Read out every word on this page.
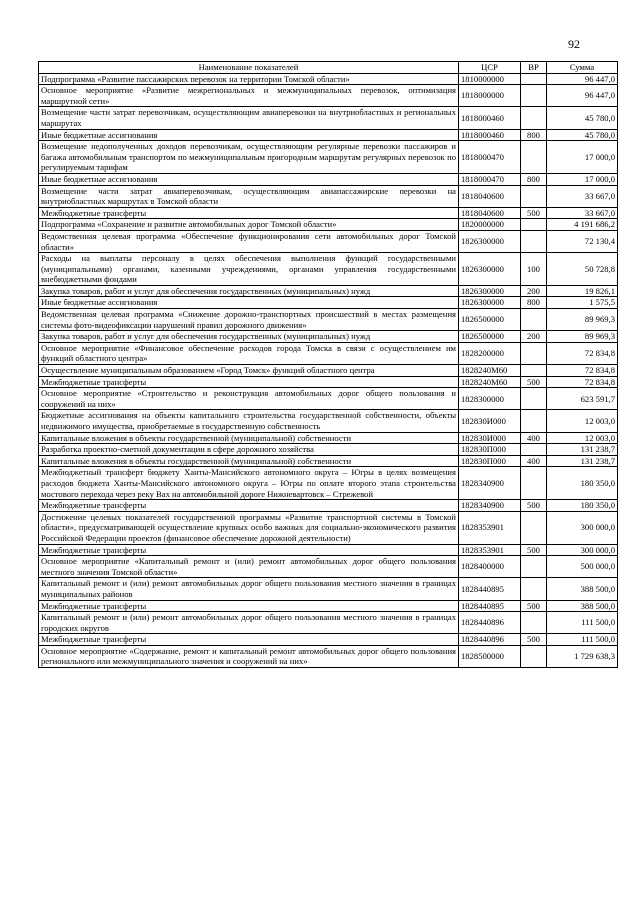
92
Наименование показателей	ЦСР	ВР	Сумма
Подпрограмма «Развитие пассажирских перевозок на территории Томской области»	1810000000		96 447,0
Основное мероприятие «Развитие межрегиональных и межмуниципальных перевозок, оптимизация маршрутной сети»	1818000000		96 447,0
Возмещение части затрат перевозчикам, осуществляющим авиаперевозки на внутриобластных и региональных маршрутах	1818000460		45 780,0
Иные бюджетные ассигнования	1818000460	800	45 780,0
Возмещение недополученных доходов перевозчикам, осуществляющим регулярные перевозки пассажиров и багажа автомобильным транспортом по межмуниципальным пригородным маршрутам регулярных перевозок по регулируемым тарифам	1818000470		17 000,0
Иные бюджетные ассигнования	1818000470	800	17 000,0
Возмещение части затрат авиаперевозчикам, осуществляющим авиапассажирские перевозки на внутриобластных маршрутах в Томской области	1818040600		33 667,0
Межбюджетные трансферты	1818040600	500	33 667,0
Подпрограмма «Сохранение и развитие автомобильных дорог Томской области»	1820000000		4 191 686,2
Ведомственная целевая программа «Обеспечение функционирования сети автомобильных дорог Томской области»	1826300000		72 130,4
Расходы на выплаты персоналу в целях обеспечения выполнения функций государственными (муниципальными) органами, казенными учреждениями, органами управления государственными внебюджетными фондами	1826300000	100	50 728,8
Закупка товаров, работ и услуг для обеспечения государственных (муниципальных) нужд	1826300000	200	19 826,1
Иные бюджетные ассигнования	1826300000	800	1 575,5
Ведомственная целевая программа «Снижение дорожно-транспортных происшествий в местах размещения системы фото-видеофиксации нарушений правил дорожного движения»	1826500000		89 969,3
Закупка товаров, работ и услуг для обеспечения государственных (муниципальных) нужд	1826500000	200	89 969,3
Основное мероприятие «Финансовое обеспечение расходов города Томска в связи с осуществлением им функций областного центра»	1828200000		72 834,8
Осуществление муниципальным образованием «Город Томск» функций областного центра	1828240М60		72 834,8
Межбюджетные трансферты	1828240М60	500	72 834,8
Основное мероприятие «Строительство и реконструкция автомобильных дорог общего пользования и сооружений на них»	1828300000		623 591,7
Бюджетные ассигнования на объекты капитального строительства государственной собственности, объекты недвижимого имущества, приобретаемые в государственную собственность	182830И000		12 003,0
Капитальные вложения в объекты государственной (муниципальной) собственности	182830И000	400	12 003,0
Разработка проектно-сметной документации в сфере дорожного хозяйства	182830П000		131 238,7
Капитальные вложения в объекты государственной (муниципальной) собственности	182830П000	400	131 238,7
Межбюджетный трансферт бюджету Ханты-Мансийского автономного округа – Югры в целях возмещения расходов бюджета Ханты-Мансийского автономного округа – Югры по оплате второго этапа строительства мостового перехода через реку Вах на автомобильной дороге Нижневартовск – Стрежевой	1828340900		180 350,0
Межбюджетные трансферты	1828340900	500	180 350,0
Достижение целевых показателей государственной программы «Развитие транспортной системы в Томской области», предусматривающей осуществление крупных особо важных для социально-экономического развития Российской Федерации проектов (финансовое обеспечение дорожной деятельности)	1828353901		300 000,0
Межбюджетные трансферты	1828353901	500	300 000,0
Основное мероприятие «Капитальный ремонт и (или) ремонт автомобильных дорог общего пользования местного значения Томской области»	1828400000		500 000,0
Капитальный ремонт и (или) ремонт автомобильных дорог общего пользования местного значения в границах муниципальных районов	1828440895		388 500,0
Межбюджетные трансферты	1828440895	500	388 500,0
Капитальный ремонт и (или) ремонт автомобильных дорог общего пользования местного значения в границах городских округов	1828440896		111 500,0
Межбюджетные трансферты	1828440896	500	111 500,0
Основное мероприятие «Содержание, ремонт и капитальный ремонт автомобильных дорог общего пользования регионального или межмуниципального значения и сооружений на них»	1828500000		1 729 638,3
